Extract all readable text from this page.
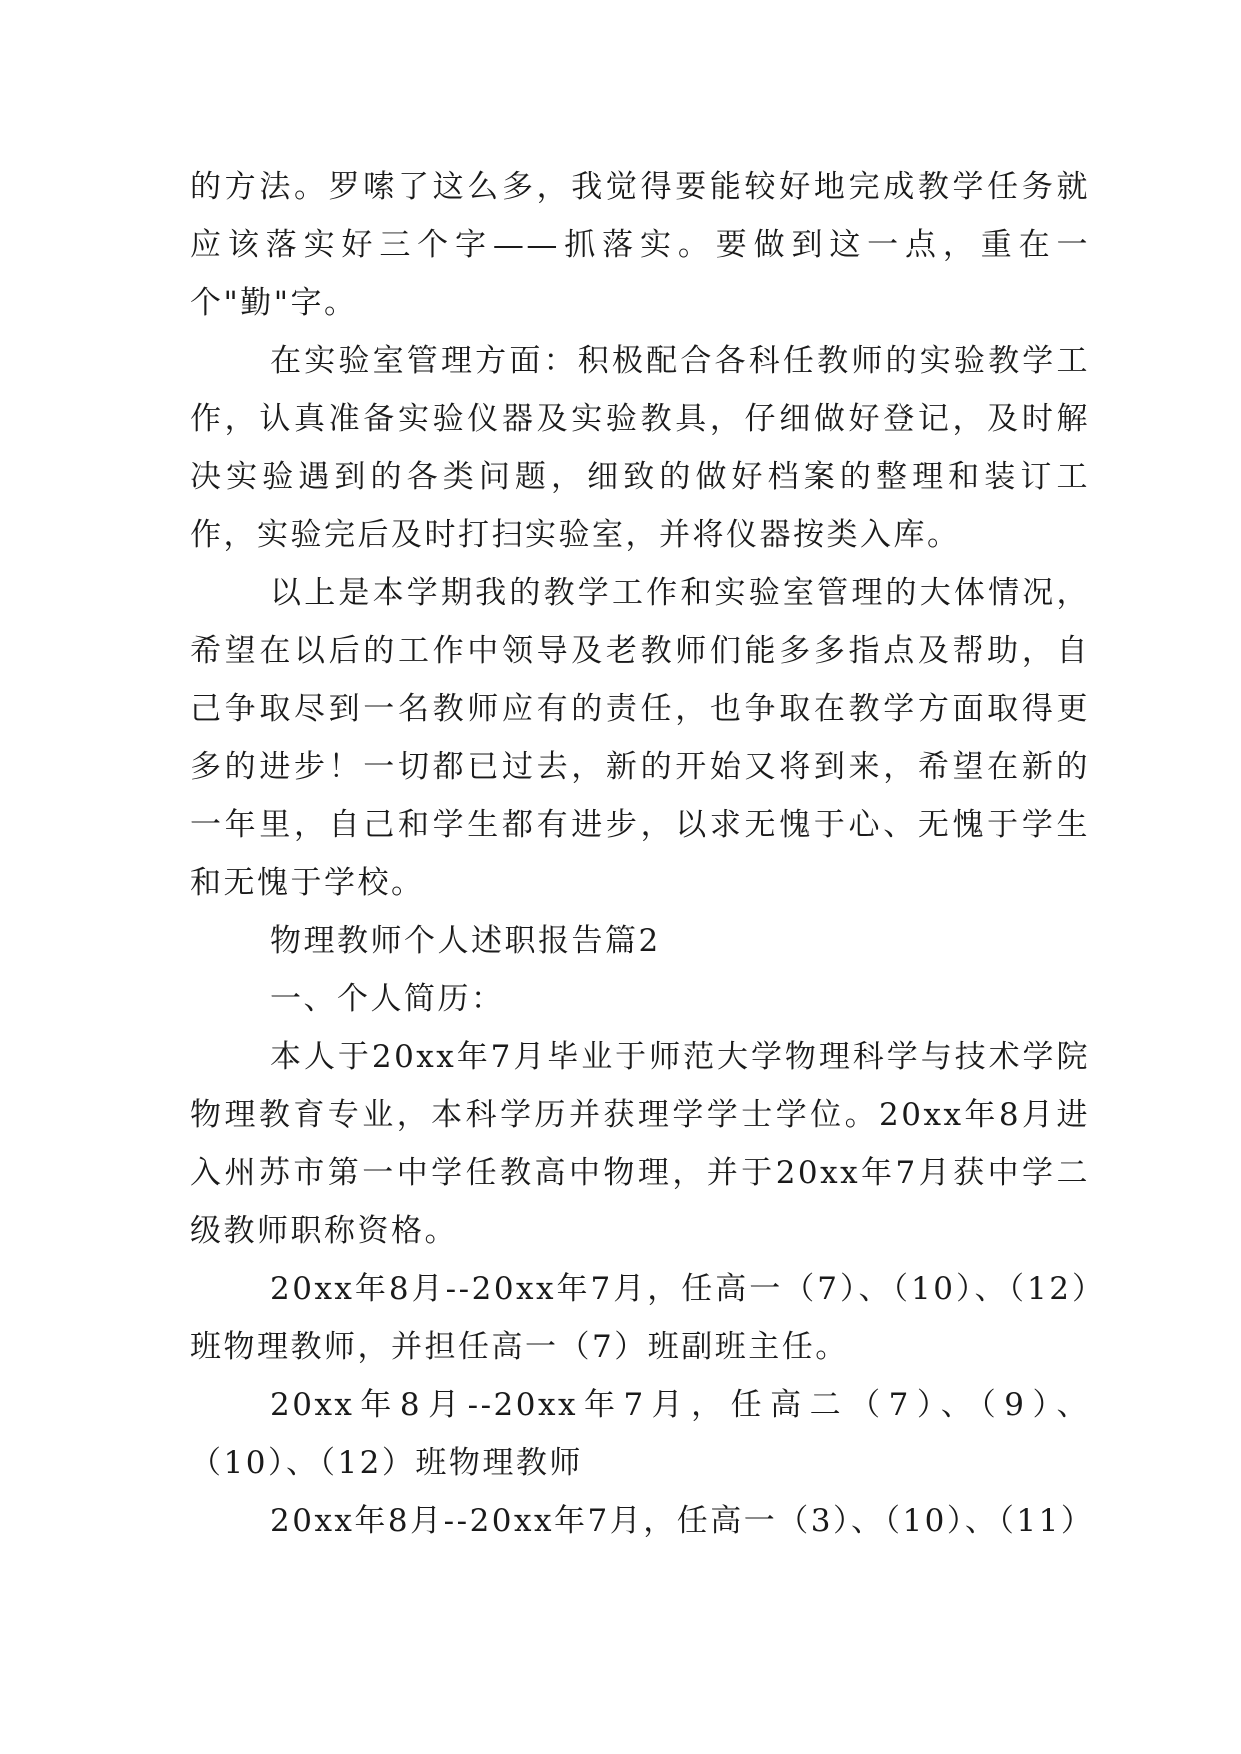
的方法。罗嗦了这么多，我觉得要能较好地完成教学任务就应该落实好三个字——抓落实。要做到这一点，重在一个"勤"字。

在实验室管理方面：积极配合各科任教师的实验教学工作，认真准备实验仪器及实验教具，仔细做好登记，及时解决实验遇到的各类问题，细致的做好档案的整理和装订工作，实验完后及时打扫实验室，并将仪器按类入库。

以上是本学期我的教学工作和实验室管理的大体情况，希望在以后的工作中领导及老教师们能多多指点及帮助，自己争取尽到一名教师应有的责任，也争取在教学方面取得更多的进步！一切都已过去，新的开始又将到来，希望在新的一年里，自己和学生都有进步，以求无愧于心、无愧于学生和无愧于学校。

物理教师个人述职报告篇2

一、个人简历：

本人于20xx年7月毕业于师范大学物理科学与技术学院物理教育专业，本科学历并获理学学士学位。20xx年8月进入州苏市第一中学任教高中物理，并于20xx年7月获中学二级教师职称资格。

20xx年8月--20xx年7月，任高一（7）、（10）、（12）班物理教师，并担任高一（7）班副班主任。

20xx年8月--20xx年7月，任高二（7）、（9）、（10）、（12）班物理教师

20xx年8月--20xx年7月，任高一（3）、（10）、（11）
